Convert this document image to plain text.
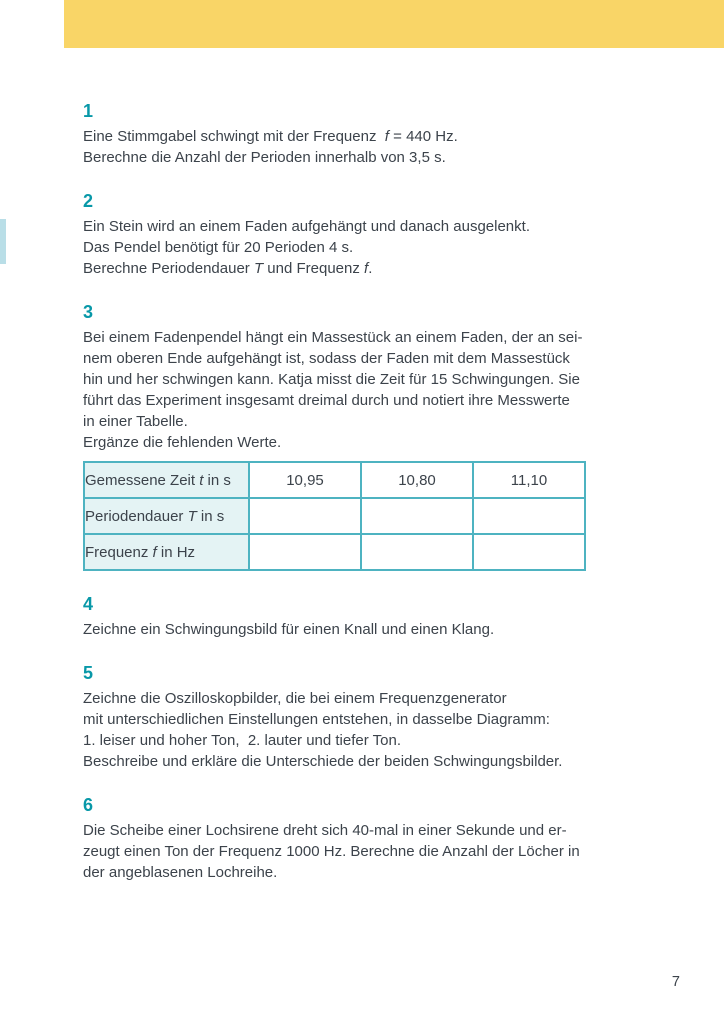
1
Eine Stimmgabel schwingt mit der Frequenz  f = 440 Hz.
Berechne die Anzahl der Perioden innerhalb von 3,5 s.
2
Ein Stein wird an einem Faden aufgehängt und danach ausgelenkt.
Das Pendel benötigt für 20 Perioden 4 s.
Berechne Periodendauer T und Frequenz f.
3
Bei einem Fadenpendel hängt ein Massestück an einem Faden, der an sei-
nem oberen Ende aufgehängt ist, sodass der Faden mit dem Massestück
hin und her schwingen kann. Katja misst die Zeit für 15 Schwingungen. Sie
führt das Experiment insgesamt dreimal durch und notiert ihre Messwerte
in einer Tabelle.
Ergänze die fehlenden Werte.
Gemessene Zeit t in s	10,95	10,80	11,10
Periodendauer T in s			
Frequenz f in Hz			
4
Zeichne ein Schwingungsbild für einen Knall und einen Klang.
5
Zeichne die Oszilloskopbilder, die bei einem Frequenzgenerator
mit unterschiedlichen Einstellungen entstehen, in dasselbe Diagramm:
1. leiser und hoher Ton,  2. lauter und tiefer Ton.
Beschreibe und erkläre die Unterschiede der beiden Schwingungsbilder.
6
Die Scheibe einer Lochsirene dreht sich 40-mal in einer Sekunde und er-
zeugt einen Ton der Frequenz 1000 Hz. Berechne die Anzahl der Löcher in
der angeblasenen Lochreihe.
7
